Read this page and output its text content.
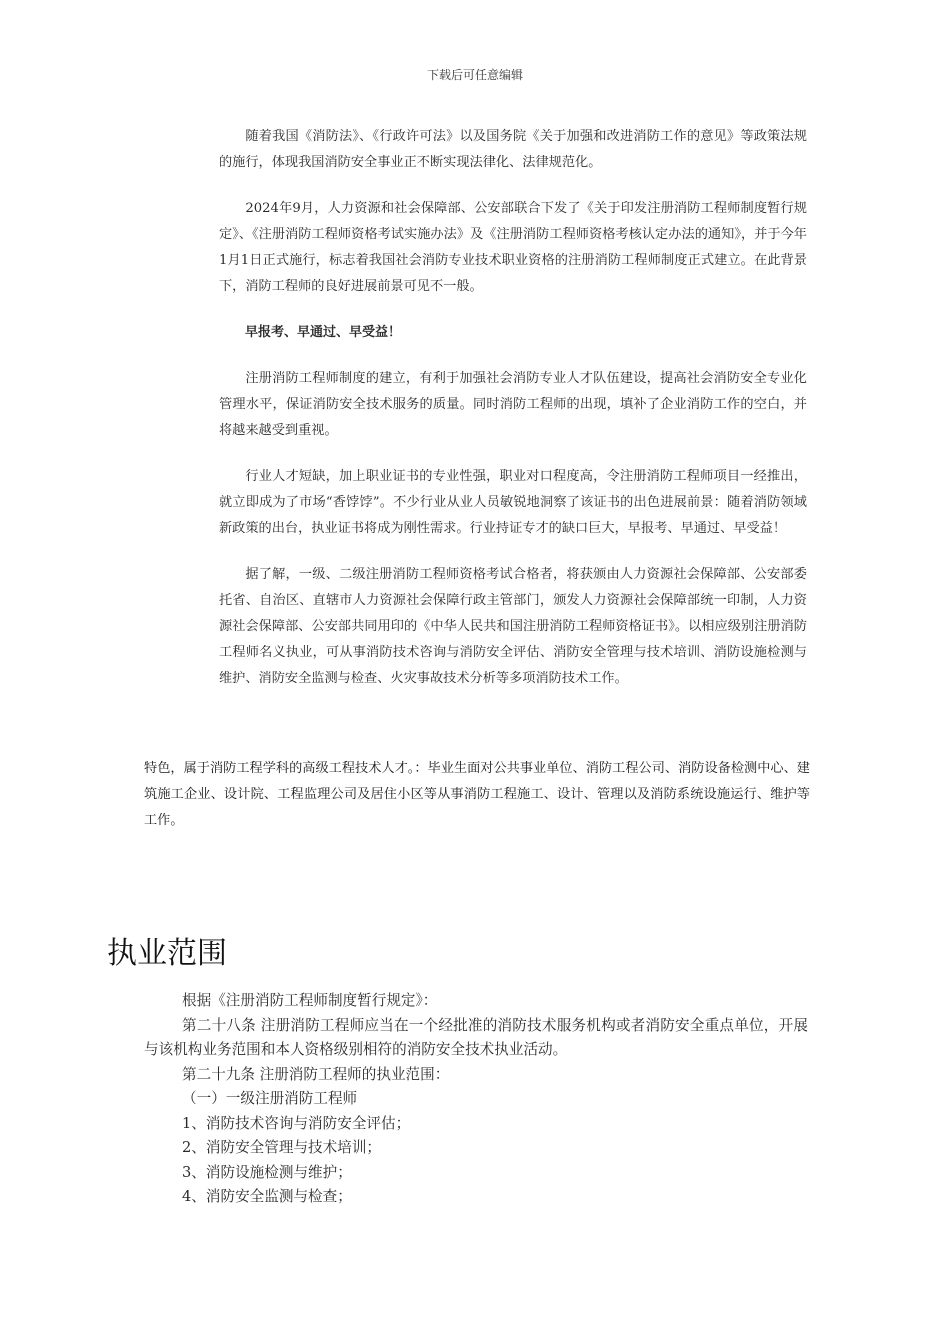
下载后可任意编辑

随着我国《消防法》、《行政许可法》以及国务院《关于加强和改进消防工作的意见》等政策法规的施行，体现我国消防安全事业正不断实现法律化、法律规范化。

2024年9月，人力资源和社会保障部、公安部联合下发了《关于印发注册消防工程师制度暂行规定》、《注册消防工程师资格考试实施办法》及《注册消防工程师资格考核认定办法的通知》，并于今年1月1日正式施行，标志着我国社会消防专业技术职业资格的注册消防工程师制度正式建立。在此背景下，消防工程师的良好进展前景可见不一般。

早报考、早通过、早受益！

注册消防工程师制度的建立，有利于加强社会消防专业人才队伍建设，提高社会消防安全专业化管理水平，保证消防安全技术服务的质量。同时消防工程师的出现，填补了企业消防工作的空白，并将越来越受到重视。

行业人才短缺，加上职业证书的专业性强，职业对口程度高，令注册消防工程师项目一经推出，就立即成为了市场“香饽饽”。不少行业从业人员敏锐地洞察了该证书的出色进展前景：随着消防领域新政策的出台，执业证书将成为刚性需求。行业持证专才的缺口巨大，早报考、早通过、早受益！

据了解，一级、二级注册消防工程师资格考试合格者，将获颁由人力资源社会保障部、公安部委托省、自治区、直辖市人力资源社会保障行政主管部门，颁发人力资源社会保障部统一印制，人力资源社会保障部、公安部共同用印的《中华人民共和国注册消防工程师资格证书》。以相应级别注册消防工程师名义执业，可从事消防技术咨询与消防安全评估、消防安全管理与技术培训、消防设施检测与维护、消防安全监测与检查、火灾事故技术分析等多项消防技术工作。

特色，属于消防工程学科的高级工程技术人才。：毕业生面对公共事业单位、消防工程公司、消防设备检测中心、建筑施工企业、设计院、工程监理公司及居住小区等从事消防工程施工、设计、管理以及消防系统设施运行、维护等工作。

执业范围

根据《注册消防工程师制度暂行规定》：

第二十八条 注册消防工程师应当在一个经批准的消防技术服务机构或者消防安全重点单位，开展与该机构业务范围和本人资格级别相符的消防安全技术执业活动。

第二十九条 注册消防工程师的执业范围：

（一）一级注册消防工程师

1、消防技术咨询与消防安全评估；

2、消防安全管理与技术培训；

3、消防设施检测与维护；

4、消防安全监测与检查；
